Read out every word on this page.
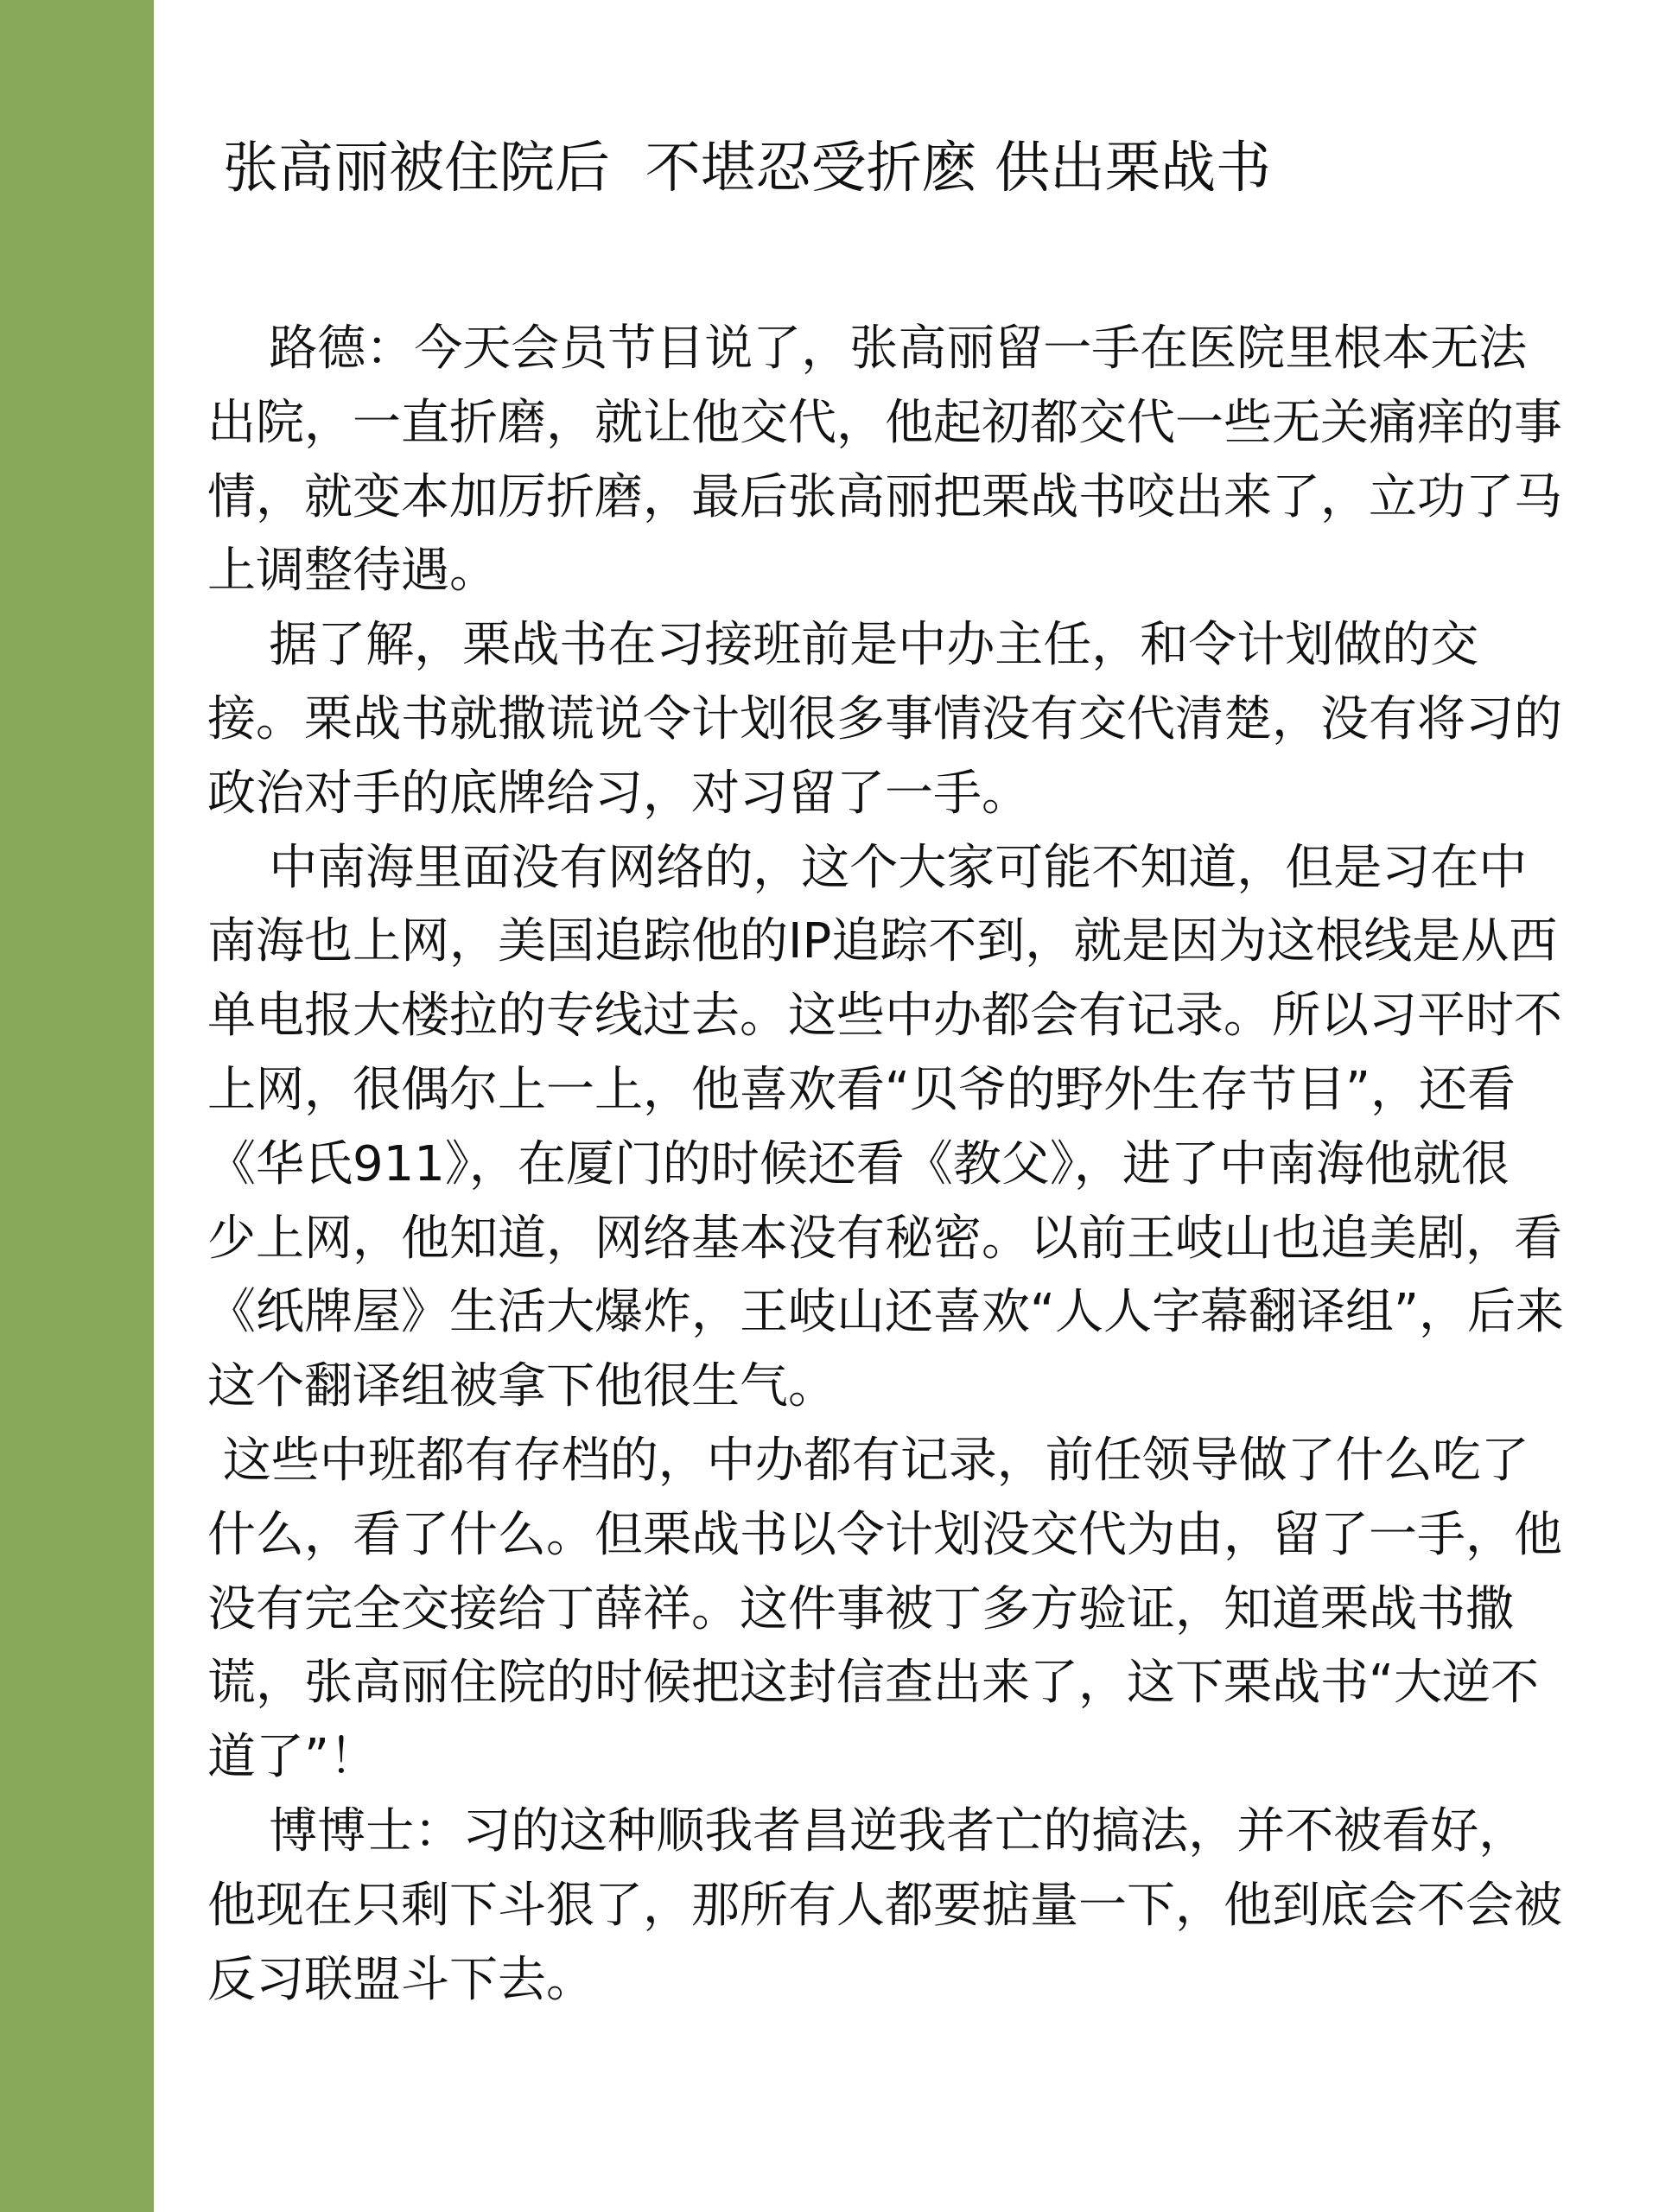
张高丽被住院后  不堪忍受折麽 供出栗战书
路德：今天会员节目说了，张高丽留一手在医院里根本无法
出院，一直折磨，就让他交代，他起初都交代一些无关痛痒的事
情，就变本加厉折磨，最后张高丽把栗战书咬出来了，立功了马
上调整待遇。
据了解，栗战书在习接班前是中办主任，和令计划做的交
接。栗战书就撒谎说令计划很多事情没有交代清楚，没有将习的
政治对手的底牌给习，对习留了一手。
中南海里面没有网络的，这个大家可能不知道，但是习在中
南海也上网，美国追踪他的IP追踪不到，就是因为这根线是从西
单电报大楼拉的专线过去。这些中办都会有记录。所以习平时不
上网，很偶尔上一上，他喜欢看“贝爷的野外生存节目”，还看
《华氏911》，在厦门的时候还看《教父》，进了中南海他就很
少上网，他知道，网络基本没有秘密。以前王岐山也追美剧，看
《纸牌屋》生活大爆炸，王岐山还喜欢“人人字幕翻译组”，后来
这个翻译组被拿下他很生气。
这些中班都有存档的，中办都有记录，前任领导做了什么吃了
什么，看了什么。但栗战书以令计划没交代为由，留了一手，他
没有完全交接给丁薛祥。这件事被丁多方验证，知道栗战书撒
谎，张高丽住院的时候把这封信查出来了，这下栗战书“大逆不
道了”！
博博士：习的这种顺我者昌逆我者亡的搞法，并不被看好，
他现在只剩下斗狠了，那所有人都要掂量一下，他到底会不会被
反习联盟斗下去。
